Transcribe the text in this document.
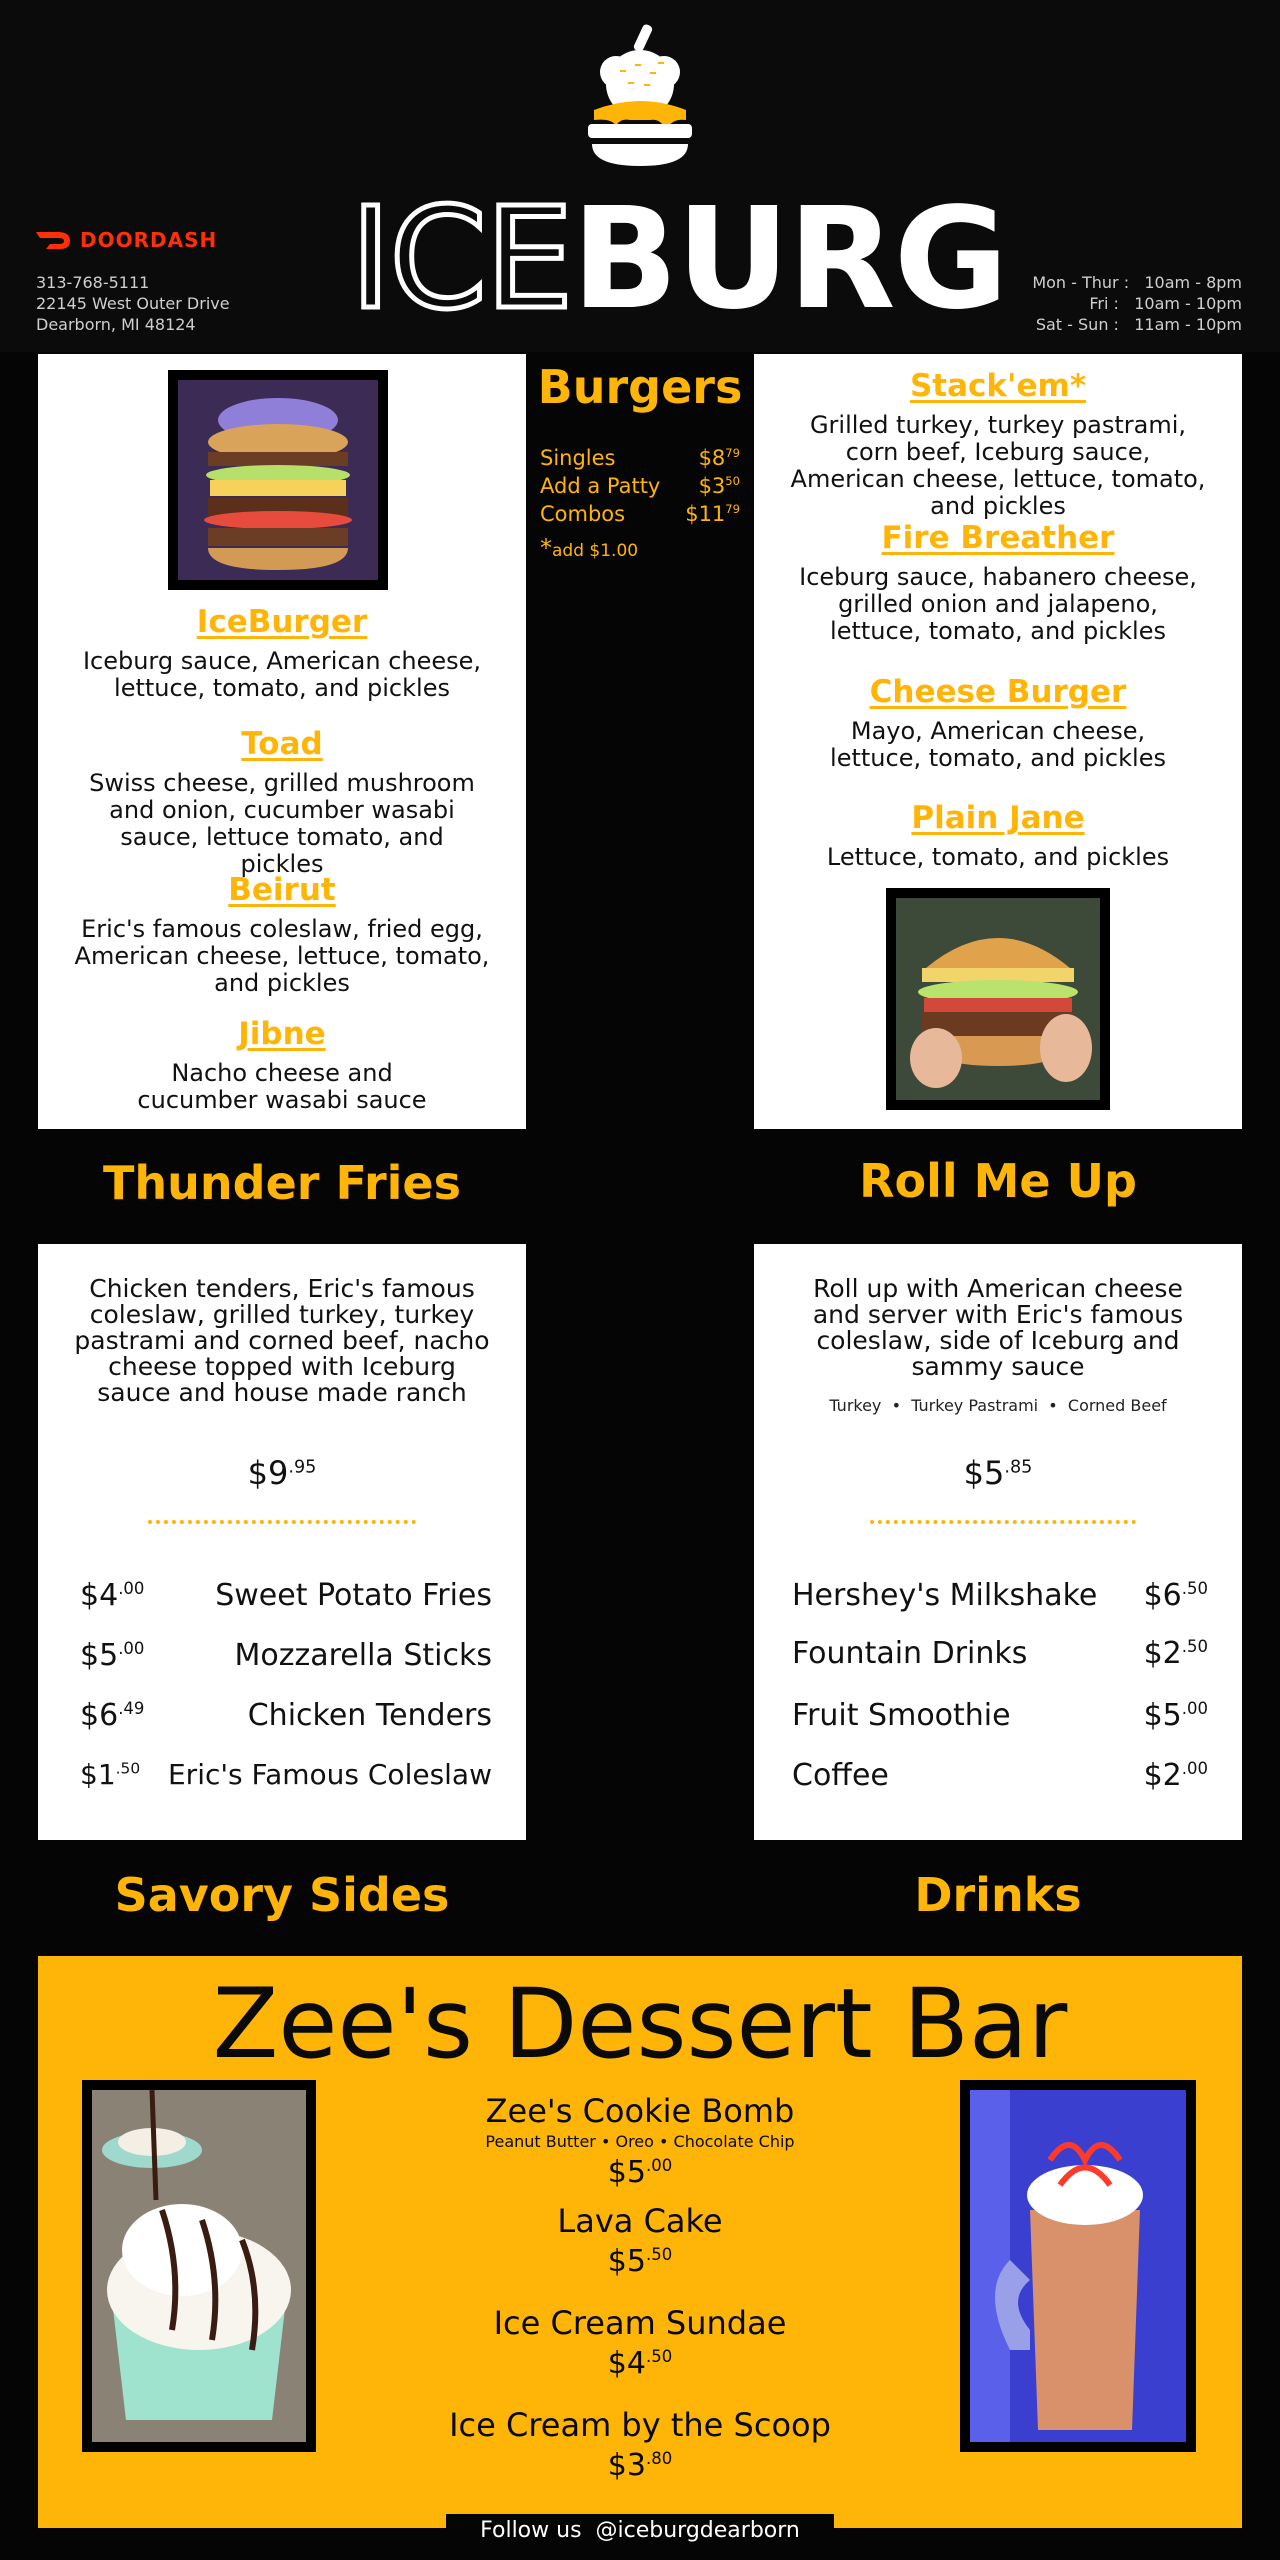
ICEBURG
DOORDASH
313-768-5111
22145 West Outer Drive
Dearborn, MI 48124
Mon - Thur : 10am - 8pm
Fri : 10am - 10pm
Sat - Sun : 11am - 10pm
IceBurger
Iceburg sauce, American cheese, lettuce, tomato, and pickles
Toad
Swiss cheese, grilled mushroom and onion, cucumber wasabi sauce, lettuce tomato, and pickles
Beirut
Eric's famous coleslaw, fried egg, American cheese, lettuce, tomato, and pickles
Jibne
Nacho cheese and cucumber wasabi sauce
Burgers
Singles	$\$8^{79}$
Add a Patty $\$3^{50}$
Combos	$\$11^{79}$
*add $1.00
Stack'em*
Grilled turkey, turkey pastrami, corn beef, Iceburg sauce, American cheese, lettuce, tomato, and pickles
Fire Breather
Iceburg sauce, habanero cheese, grilled onion and jalapeno, lettuce, tomato, and pickles
Cheese Burger
Mayo, American cheese, lettuce, tomato, and pickles
Plain Jane
Lettuce, tomato, and pickles
Thunder Fries	Roll Me Up
Chicken tenders, Eric's famous coleslaw, grilled turkey, turkey pastrami and corned beef, nacho cheese topped with Iceburg sauce and house made ranch
$\$9^{.95}$
$\$4^{.00}$ Sweet Potato Fries
$\$5^{.00}$	Mozzarella Sticks
$\$6^{.49}$	Chicken Tenders
$\$1^{.50}$ Eric's Famous Coleslaw
Roll up with American cheese and server with Eric's famous coleslaw, side of Iceburg and sammy sauce
Turkey  •  Turkey Pastrami  •  Corned Beef
$\$5^{.85}$
Hershey's Milkshake $\$6^{.50}$
Fountain Drinks	$\$2^{.50}$
Fruit Smoothie	$\$5^{.00}$
Coffee	$\$2^{.00}$
Savory Sides	Drinks
Zee's Dessert Bar
Zee's Cookie Bomb
Peanut Butter • Oreo • Chocolate Chip
$\$5^{.00}$
Lava Cake
$\$5^{.50}$
Ice Cream Sundae
$\$4^{.50}$
Ice Cream by the Scoop
$\$3^{.80}$
Follow us  @iceburgdearborn
